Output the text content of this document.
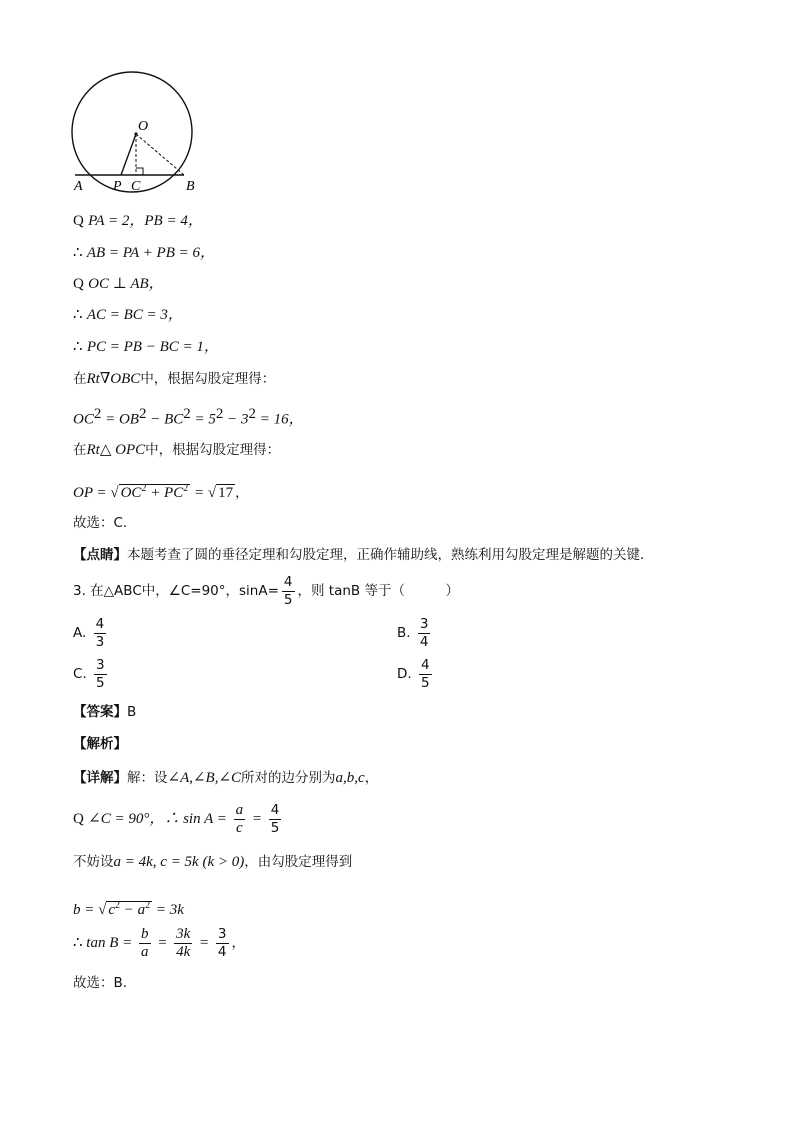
O
A P C	B
Q PA = 2，PB = 4，
∴ AB = PA + PB = 6，
Q OC ⊥ AB，
∴ AC = BC = 3，
∴ PC = PB − BC = 1，
在Rt∇OBC中，根据勾股定理得：
$OC^2 = OB^2 - BC^2 = 5^2 - 3^2 = 16$，
在Rt△ OPC中，根据勾股定理得：
OP = √ $OC^2 + PC^2$ = √ 17 ，
故选：C．
【点睛】本题考查了圆的垂径定理和勾股定理，正确作辅助线，熟练利用勾股定理是解题的关键．
3. 在△ABC中，∠C=90°，$\sin A= \frac{4}{5}$ ，则 tanB 等于（　　　）
A. $\frac{4}{3}$	B. $\frac{3}{4}$
C. $\frac{3}{5}$	D. $\frac{4}{5}$
【答案】B
【解析】
【详解】解：设∠A,∠B,∠C所对的边分别为a,b,c，
Q ∠C = 90°，∴ $\sin A = \frac{a}{c} = \frac{4}{5}$
不妨设a = 4k, c = 5k (k > 0)，由勾股定理得到
b = √ $c^2 - a^2 = 3k$
∴ $\tan B = \frac{b}{a} = \frac{3k}{4k} = \frac{3}{4}$ ，
故选：B.
